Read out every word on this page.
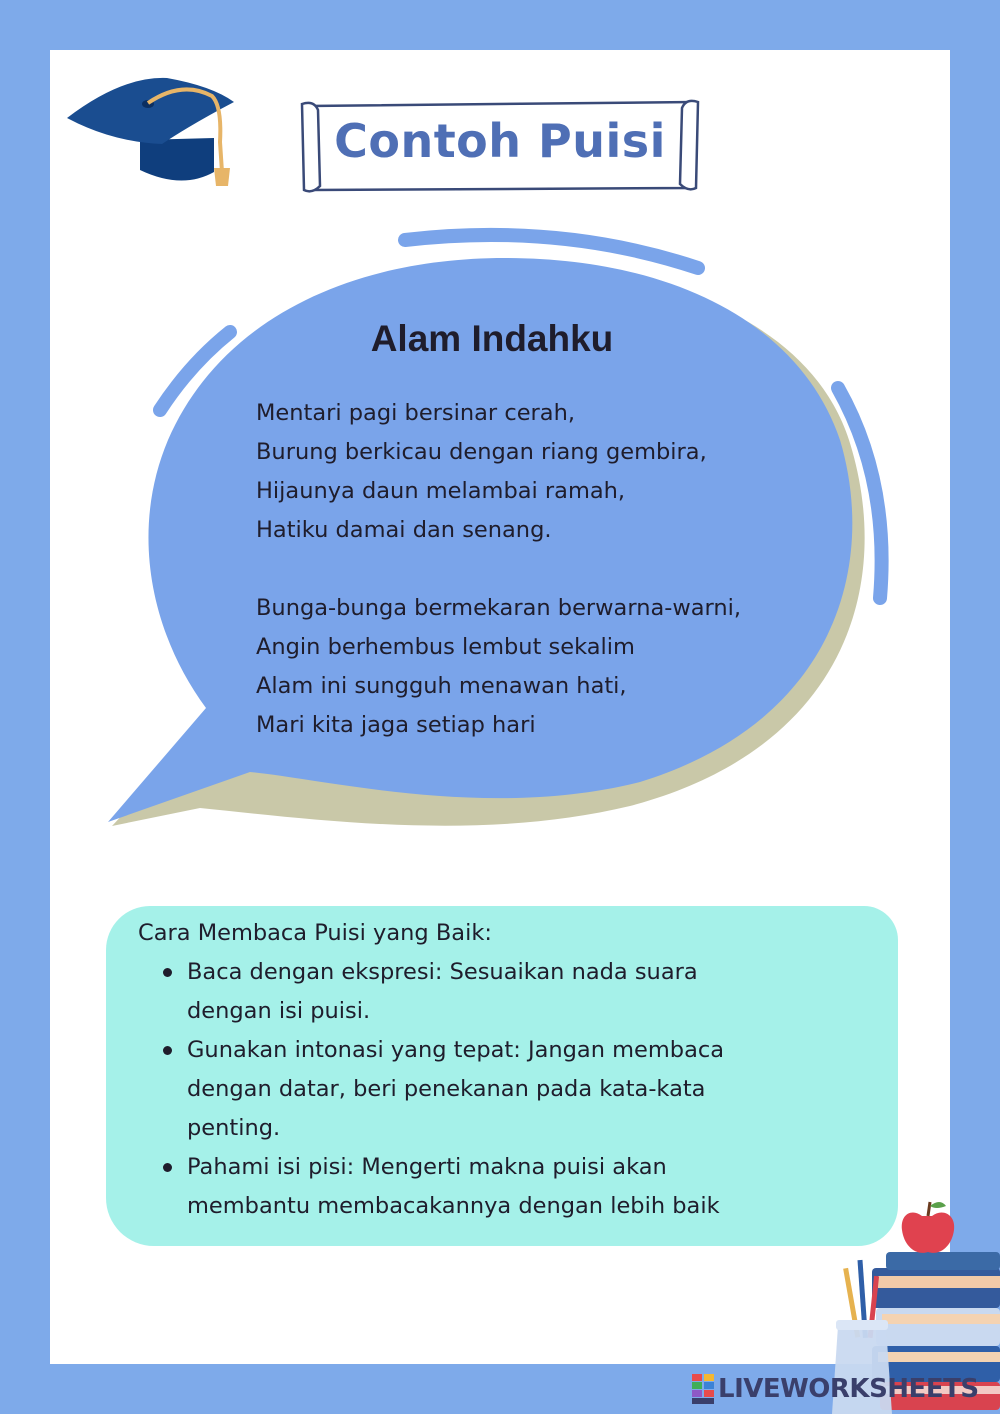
Contoh Puisi
Alam Indahku
Mentari pagi bersinar cerah,
Burung berkicau dengan riang gembira,
Hijaunya daun melambai ramah,
Hatiku damai dan senang.
Bunga-bunga bermekaran berwarna-warni,
Angin berhembus lembut sekalim
Alam ini sungguh menawan hati,
Mari kita jaga setiap hari

Cara Membaca Puisi yang Baik:

Baca dengan ekspresi: Sesuaikan nada suara
dengan isi puisi.
Gunakan intonasi yang tepat: Jangan membaca
dengan datar, beri penekanan pada kata-kata
penting.
Pahami isi pisi: Mengerti makna puisi akan
membantu membacakannya dengan lebih baik
LIVEWORKSHEETS
